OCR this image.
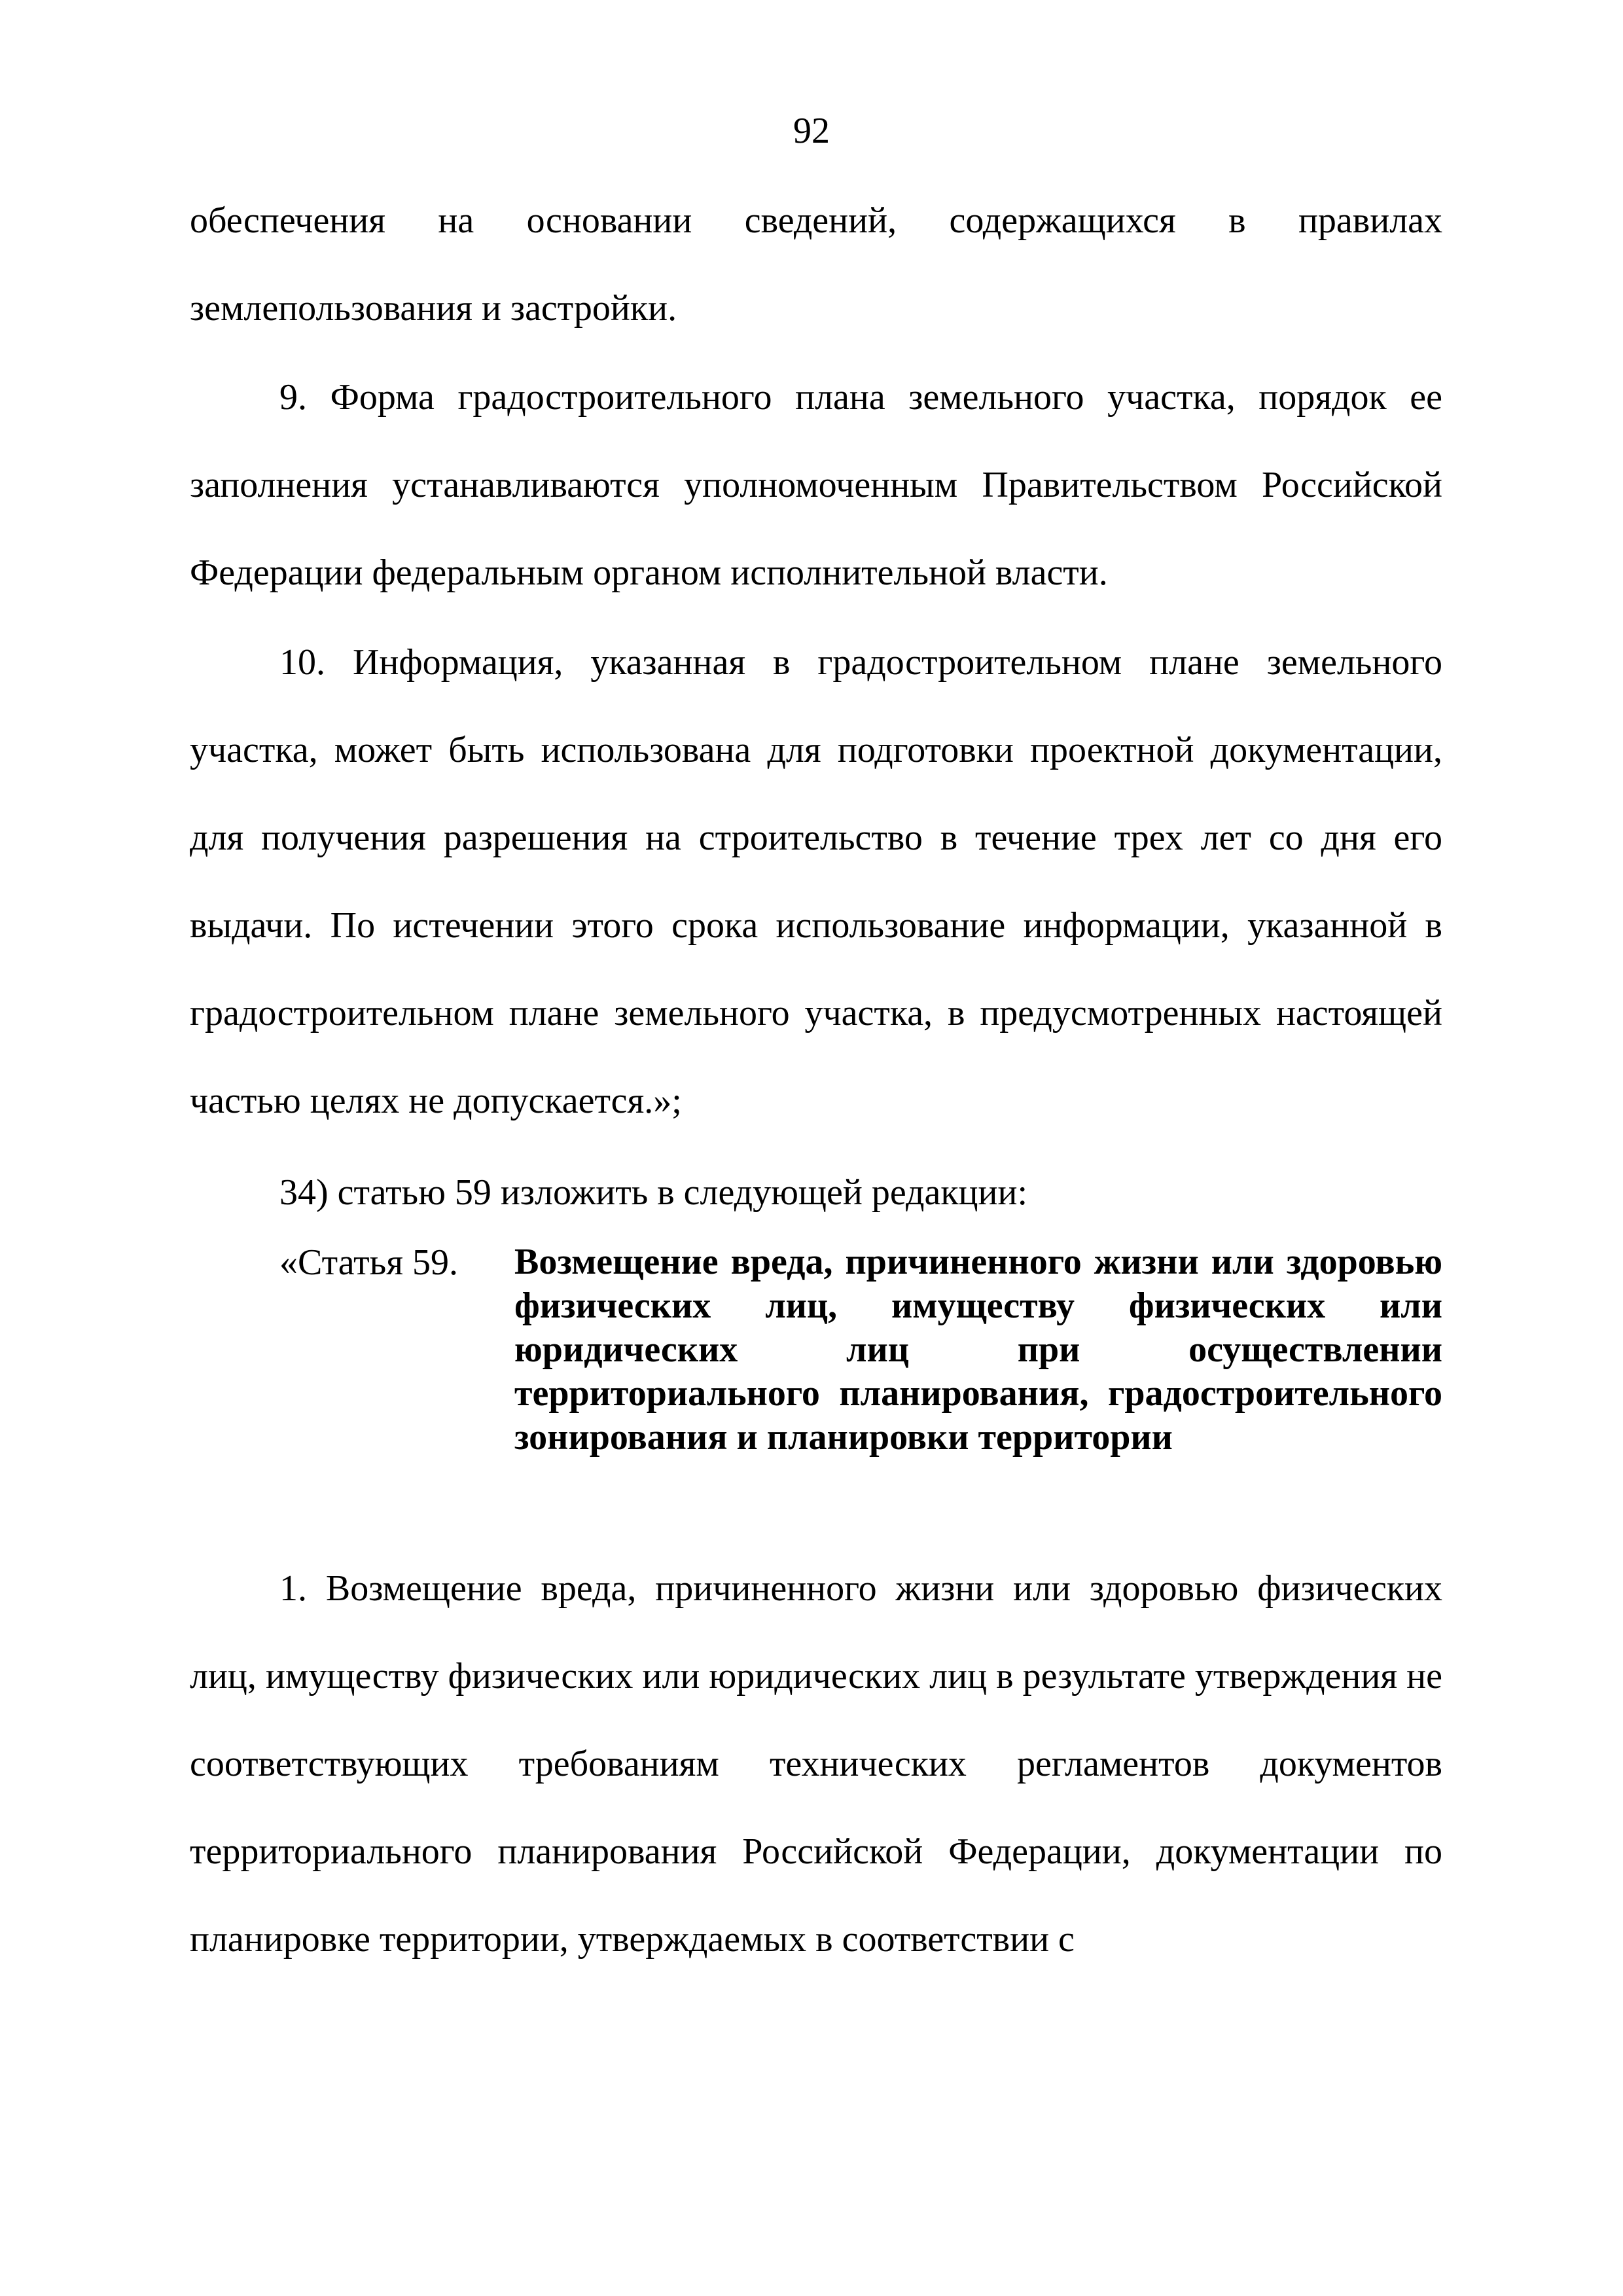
92

обеспечения на основании сведений, содержащихся в правилах землепользования и застройки.

9. Форма градостроительного плана земельного участка, порядок ее заполнения устанавливаются уполномоченным Правительством Российской Федерации федеральным органом исполнительной власти.

10. Информация, указанная в градостроительном плане земельного участка, может быть использована для подготовки проектной документации, для получения разрешения на строительство в течение трех лет со дня его выдачи. По истечении этого срока использование информации, указанной в градостроительном плане земельного участка, в предусмотренных настоящей частью целях не допускается.»;

34) статью 59 изложить в следующей редакции:

«Статья 59. Возмещение вреда, причиненного жизни или здоровью физических лиц, имуществу физических или юридических лиц при осуществлении территориального планирования, градостроительного зонирования и планировки территории

1. Возмещение вреда, причиненного жизни или здоровью физических лиц, имуществу физических или юридических лиц в результате утверждения не соответствующих требованиям технических регламентов документов территориального планирования Российской Федерации, документации по планировке территории, утверждаемых в соответствии с
